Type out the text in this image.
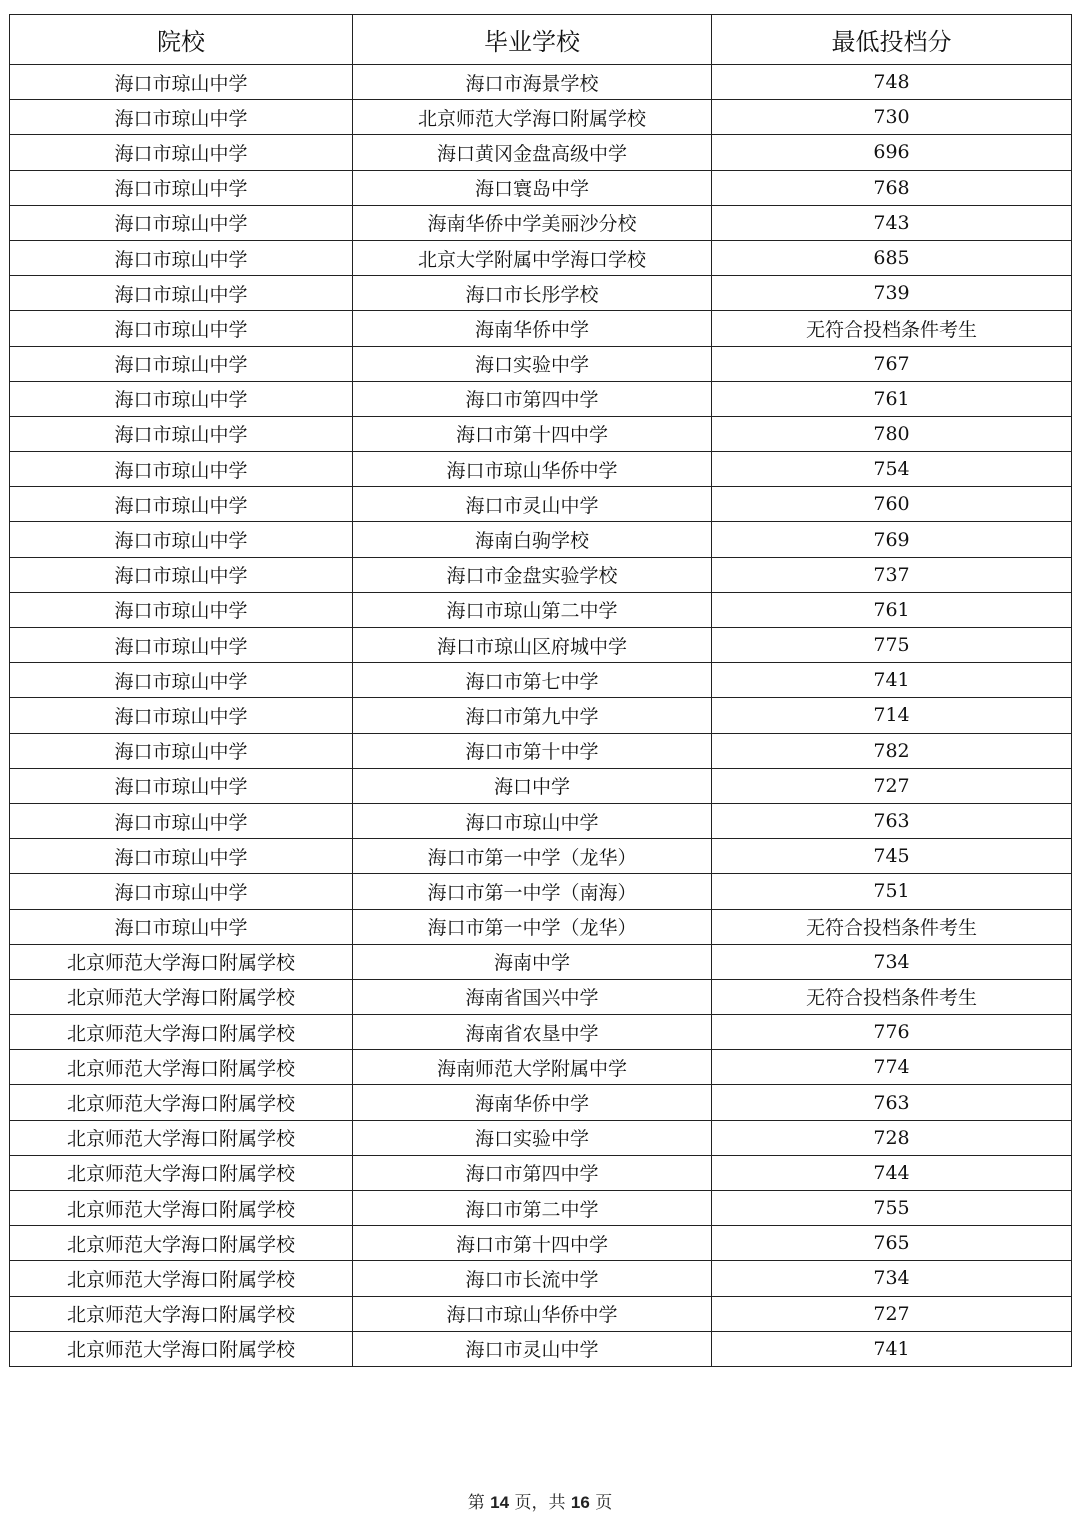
院校	毕业学校	最低投档分
海口市琼山中学	海口市海景学校	748
海口市琼山中学	北京师范大学海口附属学校	730
海口市琼山中学	海口黄冈金盘高级中学	696
海口市琼山中学	海口寰岛中学	768
海口市琼山中学	海南华侨中学美丽沙分校	743
海口市琼山中学	北京大学附属中学海口学校	685
海口市琼山中学	海口市长彤学校	739
海口市琼山中学	海南华侨中学	无符合投档条件考生
海口市琼山中学	海口实验中学	767
海口市琼山中学	海口市第四中学	761
海口市琼山中学	海口市第十四中学	780
海口市琼山中学	海口市琼山华侨中学	754
海口市琼山中学	海口市灵山中学	760
海口市琼山中学	海南白驹学校	769
海口市琼山中学	海口市金盘实验学校	737
海口市琼山中学	海口市琼山第二中学	761
海口市琼山中学	海口市琼山区府城中学	775
海口市琼山中学	海口市第七中学	741
海口市琼山中学	海口市第九中学	714
海口市琼山中学	海口市第十中学	782
海口市琼山中学	海口中学	727
海口市琼山中学	海口市琼山中学	763
海口市琼山中学	海口市第一中学（龙华）	745
海口市琼山中学	海口市第一中学（南海）	751
海口市琼山中学	海口市第一中学（龙华）	无符合投档条件考生
北京师范大学海口附属学校	海南中学	734
北京师范大学海口附属学校	海南省国兴中学	无符合投档条件考生
北京师范大学海口附属学校	海南省农垦中学	776
北京师范大学海口附属学校	海南师范大学附属中学	774
北京师范大学海口附属学校	海南华侨中学	763
北京师范大学海口附属学校	海口实验中学	728
北京师范大学海口附属学校	海口市第四中学	744
北京师范大学海口附属学校	海口市第二中学	755
北京师范大学海口附属学校	海口市第十四中学	765
北京师范大学海口附属学校	海口市长流中学	734
北京师范大学海口附属学校	海口市琼山华侨中学	727
北京师范大学海口附属学校	海口市灵山中学	741
第 14 页，共 16 页
